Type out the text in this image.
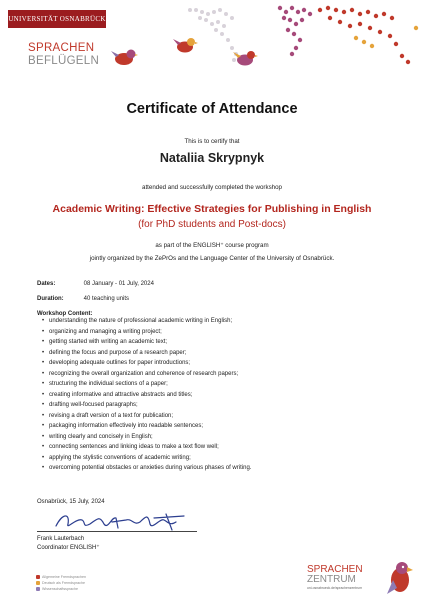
UNIVERSITÄT OSNABRÜCK
SPRACHEN
BEFLÜGELN
Certificate of Attendance
This is to certify that
Nataliia Skrypnyk
attended and successfully completed the workshop
Academic Writing: Effective Strategies for Publishing in English
(for PhD students and Post-docs)
as part of the ENGLISH⁺ course program
jointly organized by the ZePrOs and the Language Center of the University of Osnabrück.
Dates:	08 January - 01 July, 2024
Duration:	40 teaching units
Workshop Content:
• understanding the nature of professional academic writing in English;
• organizing and managing a writing project;
• getting started with writing an academic text;
• defining the focus and purpose of a research paper;
• developing adequate outlines for paper introductions;
• recognizing the overall organization and coherence of research papers;
• structuring the individual sections of a paper;
• creating informative and attractive abstracts and titles;
• drafting well-focused paragraphs;
• revising a draft version of a text for publication;
• packaging information effectively into readable sentences;
• writing clearly and concisely in English;
• connecting sentences and linking ideas to make a text flow well;
• applying the stylistic conventions of academic writing;
• overcoming potential obstacles or anxieties during various phases of writing.
Osnabrück, 15 July, 2024
Frank Lauterbach
Coordinator ENGLISH⁺
Allgemeine Fremdsprachen
Deutsch als Fremdsprache
Wissenschaftssprache
SPRACHEN
ZENTRUM
uni-osnabrueck.de/sprachenzentrum
